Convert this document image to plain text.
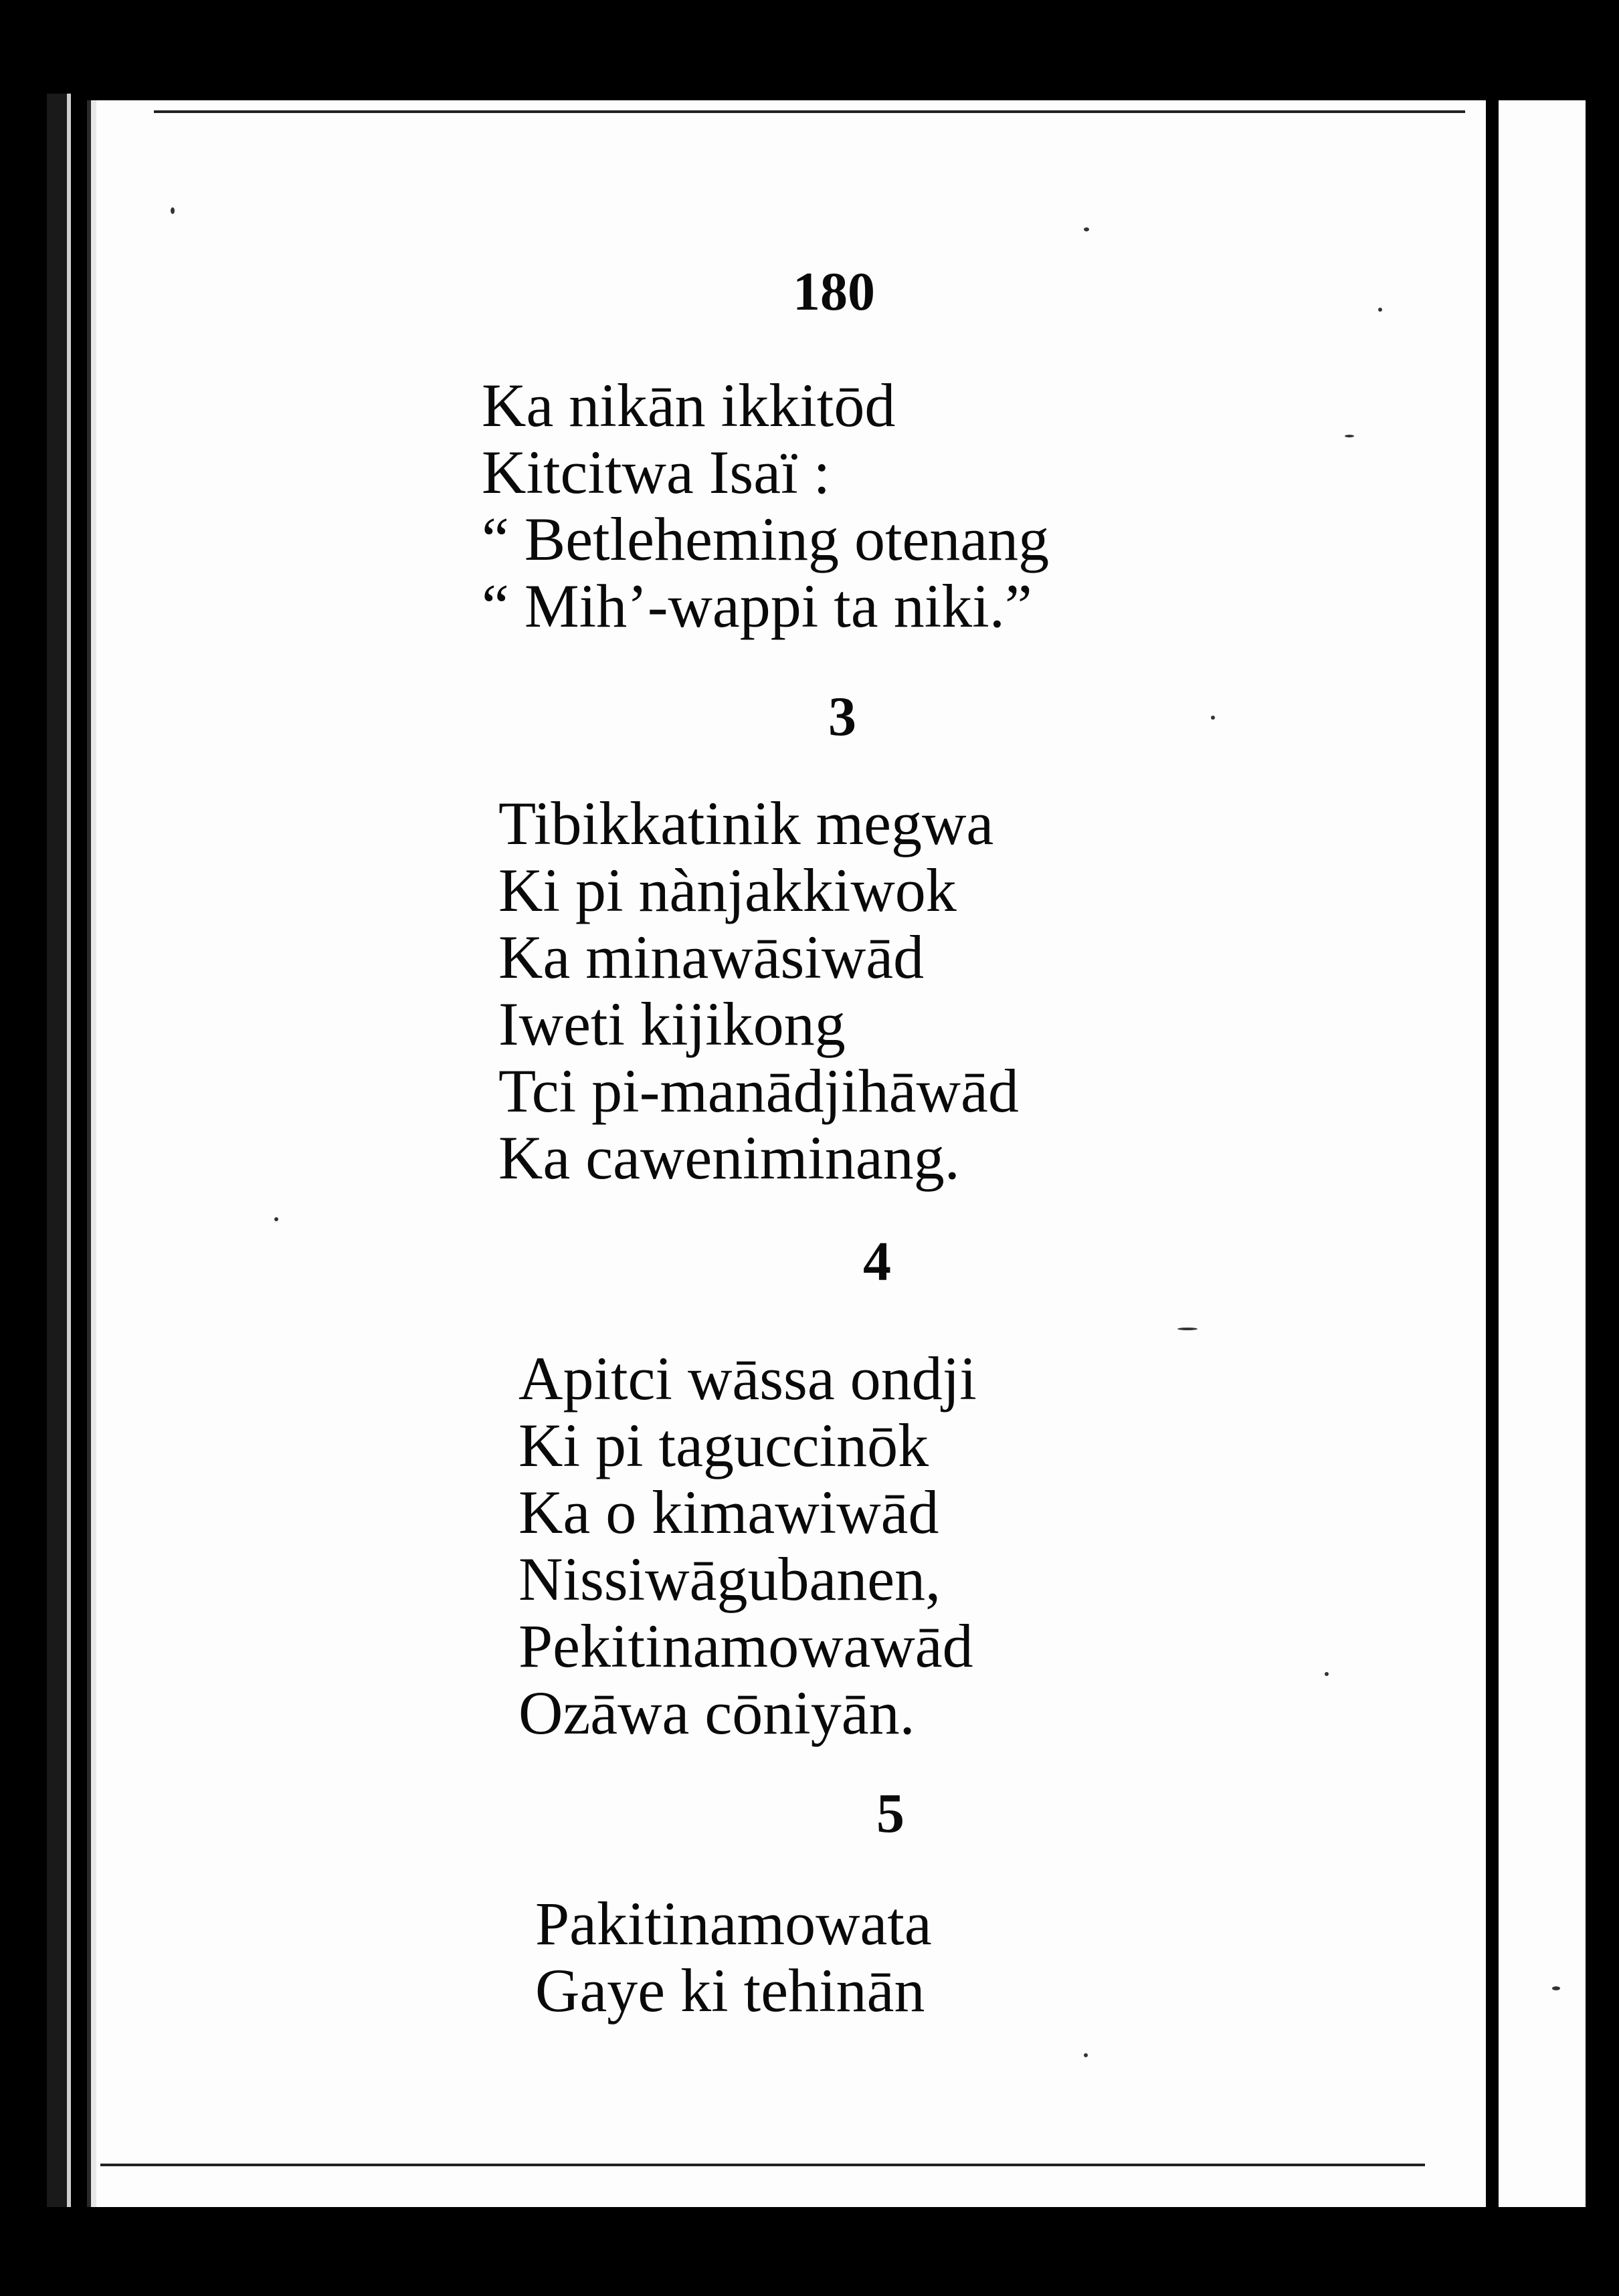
180
Ka nikān ikkitōd
Kitcitwa Isaï :
“ Betleheming otenang
“ Mih’-wappi ta niki.”
3
Tibikkatinik megwa
Ki pi nànjakkiwok
Ka minawāsiwād
Iweti kijikong
Tci pi-manādjihāwād
Ka caweniminang.
4
Apitci wāssa ondji
Ki pi taguccinōk
Ka o kimawiwād
Nissiwāgubanen,
Pekitinamowawād
Ozāwa cōniyān.
5
Pakitinamowata
Gaye ki tehinān
